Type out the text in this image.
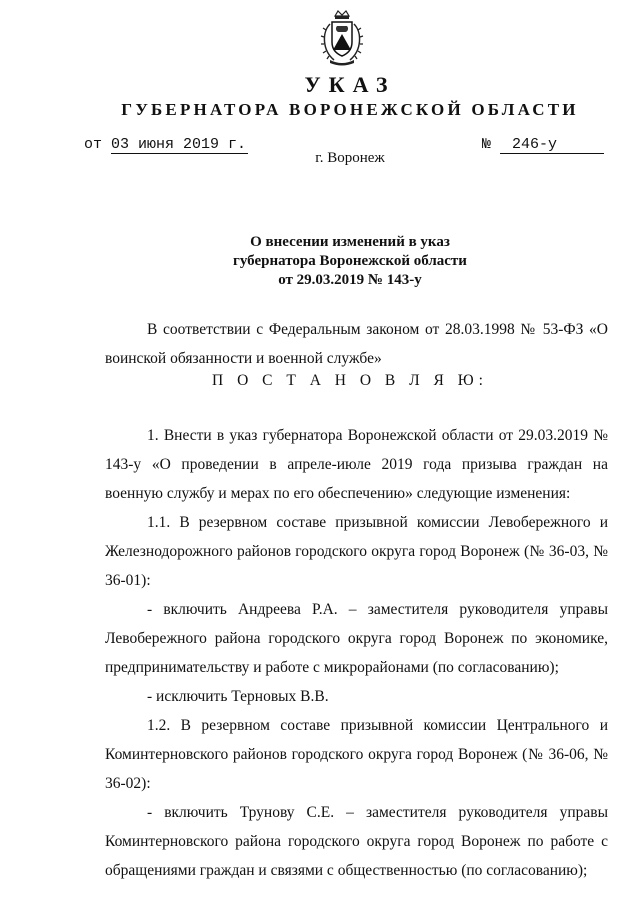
УКАЗ
ГУБЕРНАТОРА ВОРОНЕЖСКОЙ ОБЛАСТИ
от 03 июня 2019 г.	№ 246-у
г. Воронеж
О внесении изменений в указ
губернатора Воронежской области
от 29.03.2019 № 143-у

В соответствии с Федеральным законом от 28.03.1998 № 53-ФЗ «О воинской обязанности и военной службе»

П О С Т А Н О В Л Я Ю:

1. Внести в указ губернатора Воронежской области от 29.03.2019 № 143-у «О проведении в апреле-июле 2019 года призыва граждан на военную службу и мерах по его обеспечению» следующие изменения:

1.1. В резервном составе призывной комиссии Левобережного и Железнодорожного районов городского округа город Воронеж (№ 36-03, № 36-01):

- включить Андреева Р.А. – заместителя руководителя управы Левобережного района городского округа город Воронеж по экономике, предпринимательству и работе с микрорайонами (по согласованию);

- исключить Терновых В.В.

1.2. В резервном составе призывной комиссии Центрального и Коминтерновского районов городского округа город Воронеж (№ 36-06, № 36-02):

- включить Трунову С.Е. – заместителя руководителя управы Коминтерновского района городского округа город Воронеж по работе с обращениями граждан и связями с общественностью (по согласованию);
